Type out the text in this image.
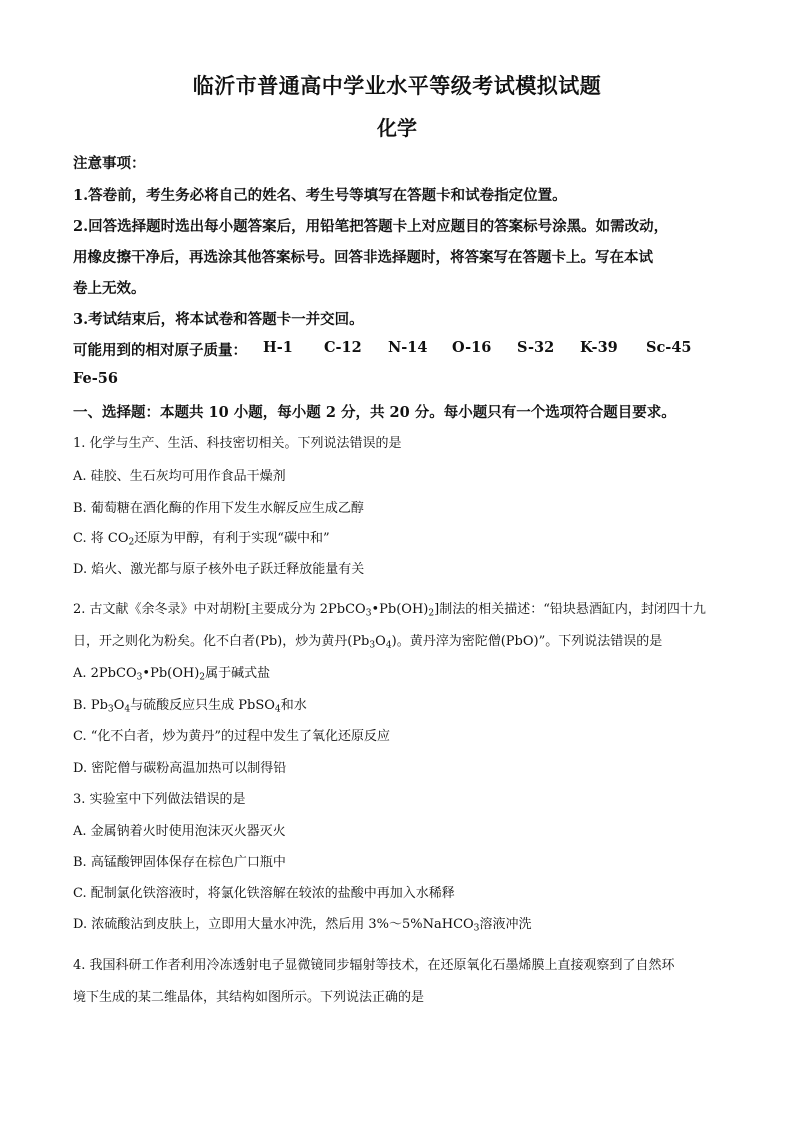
临沂市普通高中学业水平等级考试模拟试题
化学
注意事项：
1.答卷前，考生务必将自己的姓名、考生号等填写在答题卡和试卷指定位置。
2.回答选择题时选出每小题答案后，用铅笔把答题卡上对应题目的答案标号涂黑。如需改动，
用橡皮擦干净后，再选涂其他答案标号。回答非选择题时，将答案写在答题卡上。写在本试
卷上无效。
3.考试结束后，将本试卷和答题卡一并交回。
可能用到的相对原子质量： H-1 C-12 N-14 O-16 S-32 K-39 Sc-45
Fe-56
一、选择题：本题共 10 小题，每小题 2 分，共 20 分。每小题只有一个选项符合题目要求。
1. 化学与生产、生活、科技密切相关。下列说法错误的是
A. 硅胶、生石灰均可用作食品干燥剂
B. 葡萄糖在酒化酶的作用下发生水解反应生成乙醇
C. 将 $CO_2$还原为甲醇，有利于实现“碳中和”
D. 焰火、激光都与原子核外电子跃迁释放能量有关
2. 古文献《余冬录》中对胡粉[主要成分为 $2PbCO_3•Pb(OH)_2$]制法的相关描述：“铅块悬酒缸内，封闭四十九
日，开之则化为粉矣。化不白者(Pb)，炒为黄丹$(Pb_3O_4)$。黄丹滓为密陀僧(PbO)”。下列说法错误的是
A. $2PbCO_3•Pb(OH)_2$属于碱式盐
B. $Pb_3O_4$与硫酸反应只生成 PbSO$_4$和水
C. “化不白者，炒为黄丹”的过程中发生了氧化还原反应
D. 密陀僧与碳粉高温加热可以制得铅
3. 实验室中下列做法错误的是
A. 金属钠着火时使用泡沫灭火器灭火
B. 高锰酸钾固体保存在棕色广口瓶中
C. 配制氯化铁溶液时，将氯化铁溶解在较浓的盐酸中再加入水稀释
D. 浓硫酸沾到皮肤上，立即用大量水冲洗，然后用 3%～5%NaHCO$_3$溶液冲洗
4. 我国科研工作者利用冷冻透射电子显微镜同步辐射等技术，在还原氧化石墨烯膜上直接观察到了自然环
境下生成的某二维晶体，其结构如图所示。下列说法正确的是
